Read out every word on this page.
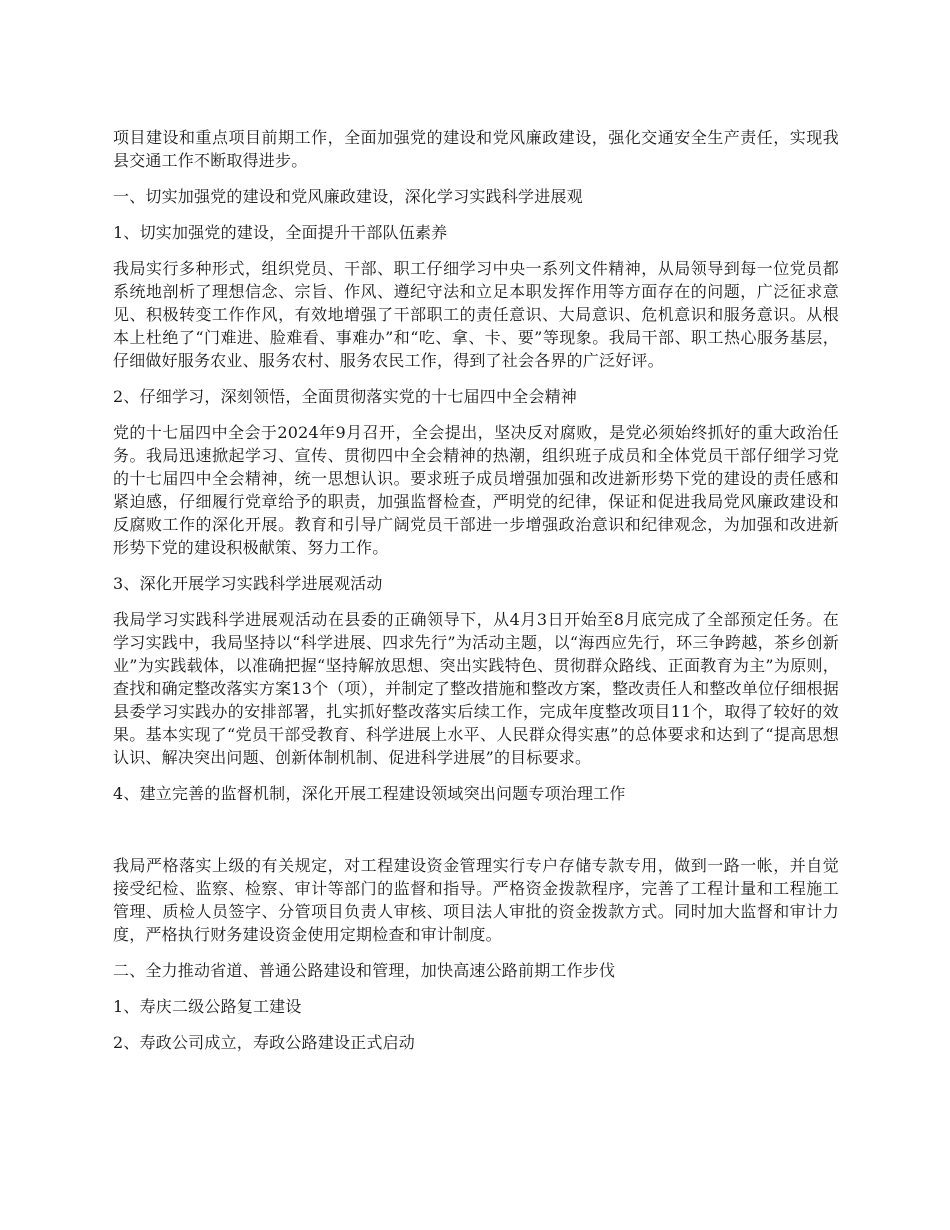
项目建设和重点项目前期工作，全面加强党的建设和党风廉政建设，强化交通安全生产责任，实现我县交通工作不断取得进步。

一、切实加强党的建设和党风廉政建设，深化学习实践科学进展观

1、切实加强党的建设，全面提升干部队伍素养

我局实行多种形式，组织党员、干部、职工仔细学习中央一系列文件精神，从局领导到每一位党员都系统地剖析了理想信念、宗旨、作风、遵纪守法和立足本职发挥作用等方面存在的问题，广泛征求意见、积极转变工作作风，有效地增强了干部职工的责任意识、大局意识、危机意识和服务意识。从根本上杜绝了“门难进、脸难看、事难办”和“吃、拿、卡、要”等现象。我局干部、职工热心服务基层，仔细做好服务农业、服务农村、服务农民工作，得到了社会各界的广泛好评。

2、仔细学习，深刻领悟，全面贯彻落实党的十七届四中全会精神

党的十七届四中全会于2024年9月召开，全会提出，坚决反对腐败，是党必须始终抓好的重大政治任务。我局迅速掀起学习、宣传、贯彻四中全会精神的热潮，组织班子成员和全体党员干部仔细学习党的十七届四中全会精神，统一思想认识。要求班子成员增强加强和改进新形势下党的建设的责任感和紧迫感，仔细履行党章给予的职责，加强监督检查，严明党的纪律，保证和促进我局党风廉政建设和反腐败工作的深化开展。教育和引导广阔党员干部进一步增强政治意识和纪律观念，为加强和改进新形势下党的建设积极献策、努力工作。

3、深化开展学习实践科学进展观活动

我局学习实践科学进展观活动在县委的正确领导下，从4月3日开始至8月底完成了全部预定任务。在学习实践中，我局坚持以“科学进展、四求先行”为活动主题，以“海西应先行，环三争跨越，茶乡创新业”为实践载体，以准确把握“坚持解放思想、突出实践特色、贯彻群众路线、正面教育为主”为原则，查找和确定整改落实方案13个（项），并制定了整改措施和整改方案，整改责任人和整改单位仔细根据县委学习实践办的安排部署，扎实抓好整改落实后续工作，完成年度整改项目11个，取得了较好的效果。基本实现了“党员干部受教育、科学进展上水平、人民群众得实惠”的总体要求和达到了“提高思想认识、解决突出问题、创新体制机制、促进科学进展”的目标要求。

4、建立完善的监督机制，深化开展工程建设领域突出问题专项治理工作

我局严格落实上级的有关规定，对工程建设资金管理实行专户存储专款专用，做到一路一帐，并自觉接受纪检、监察、检察、审计等部门的监督和指导。严格资金拨款程序，完善了工程计量和工程施工管理、质检人员签字、分管项目负责人审核、项目法人审批的资金拨款方式。同时加大监督和审计力度，严格执行财务建设资金使用定期检查和审计制度。

二、全力推动省道、普通公路建设和管理，加快高速公路前期工作步伐

1、寿庆二级公路复工建设

2、寿政公司成立，寿政公路建设正式启动
